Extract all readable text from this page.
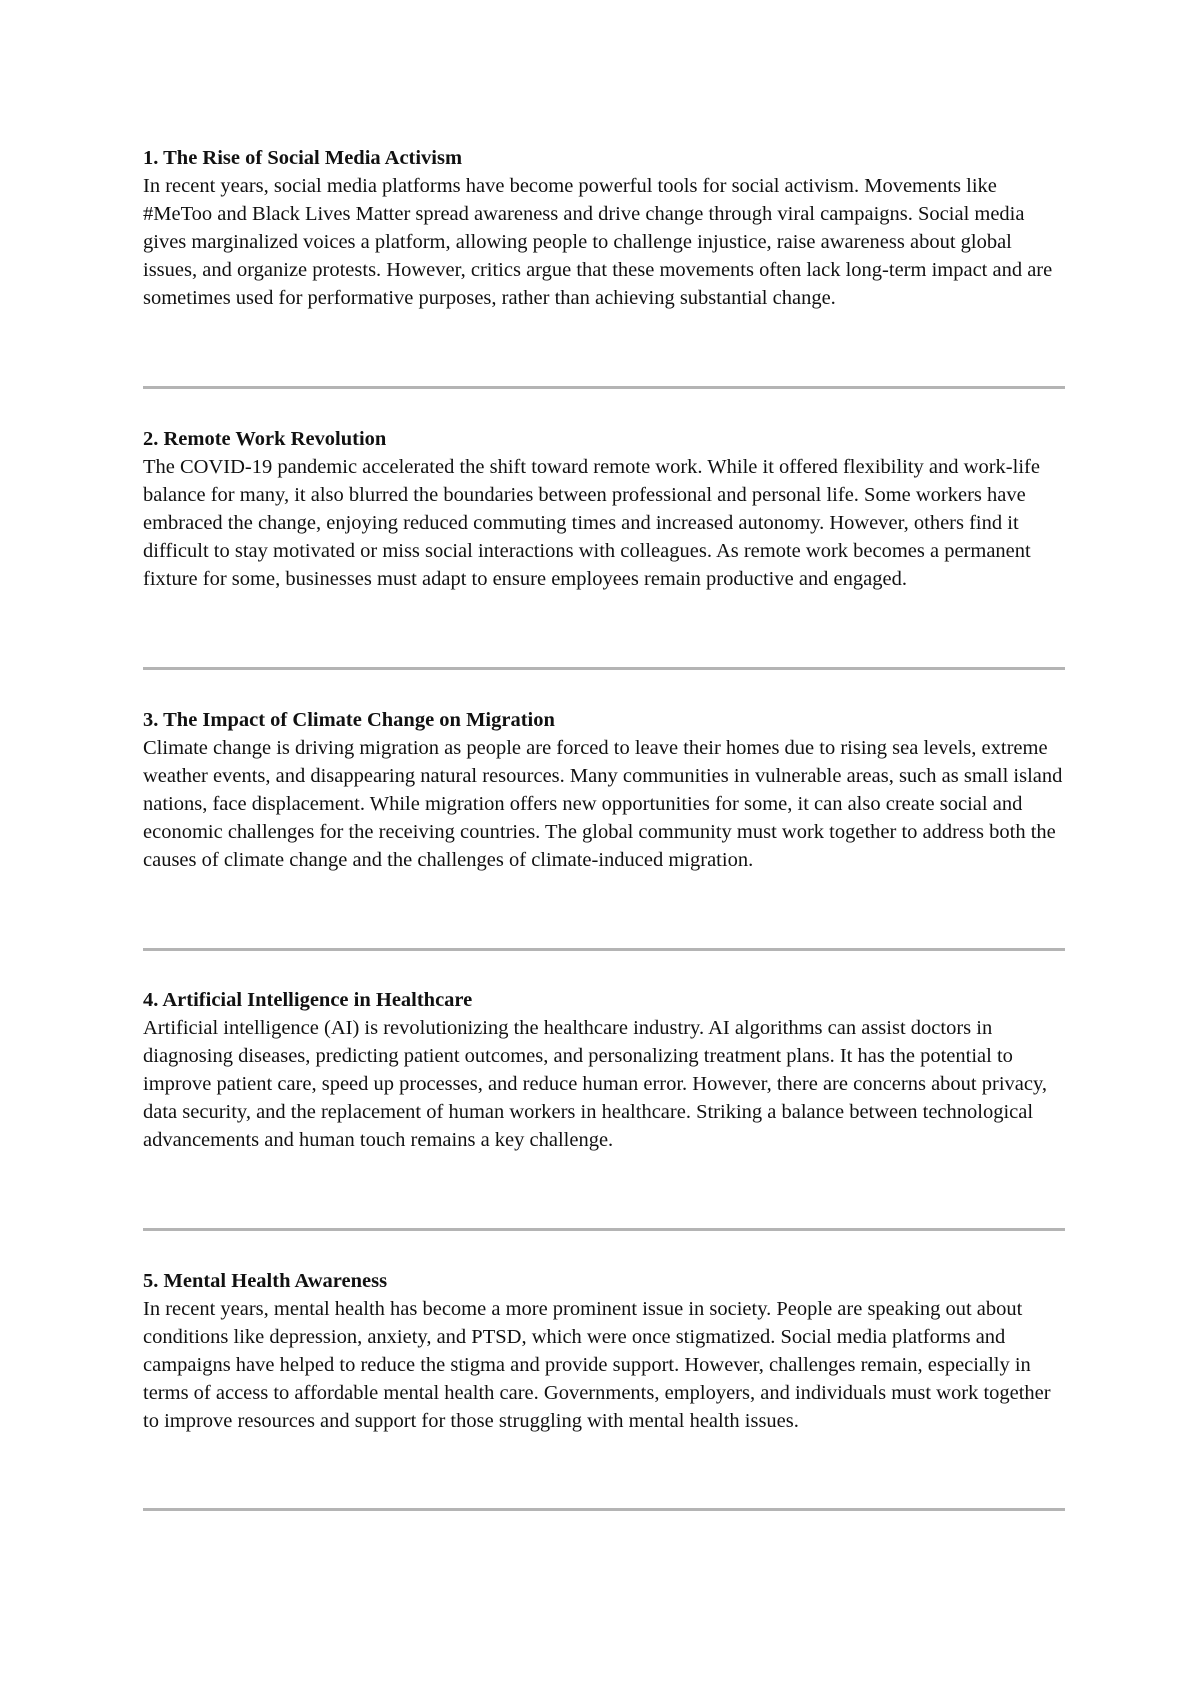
1. The Rise of Social Media Activism

In recent years, social media platforms have become powerful tools for social activism. Movements like #MeToo and Black Lives Matter spread awareness and drive change through viral campaigns. Social media gives marginalized voices a platform, allowing people to challenge injustice, raise awareness about global issues, and organize protests. However, critics argue that these movements often lack long-term impact and are sometimes used for performative purposes, rather than achieving substantial change.

2. Remote Work Revolution

The COVID-19 pandemic accelerated the shift toward remote work. While it offered flexibility and work-life balance for many, it also blurred the boundaries between professional and personal life. Some workers have embraced the change, enjoying reduced commuting times and increased autonomy. However, others find it difficult to stay motivated or miss social interactions with colleagues. As remote work becomes a permanent fixture for some, businesses must adapt to ensure employees remain productive and engaged.

3. The Impact of Climate Change on Migration

Climate change is driving migration as people are forced to leave their homes due to rising sea levels, extreme weather events, and disappearing natural resources. Many communities in vulnerable areas, such as small island nations, face displacement. While migration offers new opportunities for some, it can also create social and economic challenges for the receiving countries. The global community must work together to address both the causes of climate change and the challenges of climate-induced migration.

4. Artificial Intelligence in Healthcare

Artificial intelligence (AI) is revolutionizing the healthcare industry. AI algorithms can assist doctors in diagnosing diseases, predicting patient outcomes, and personalizing treatment plans. It has the potential to improve patient care, speed up processes, and reduce human error. However, there are concerns about privacy, data security, and the replacement of human workers in healthcare. Striking a balance between technological advancements and human touch remains a key challenge.

5. Mental Health Awareness

In recent years, mental health has become a more prominent issue in society. People are speaking out about conditions like depression, anxiety, and PTSD, which were once stigmatized. Social media platforms and campaigns have helped to reduce the stigma and provide support. However, challenges remain, especially in terms of access to affordable mental health care. Governments, employers, and individuals must work together to improve resources and support for those struggling with mental health issues.
